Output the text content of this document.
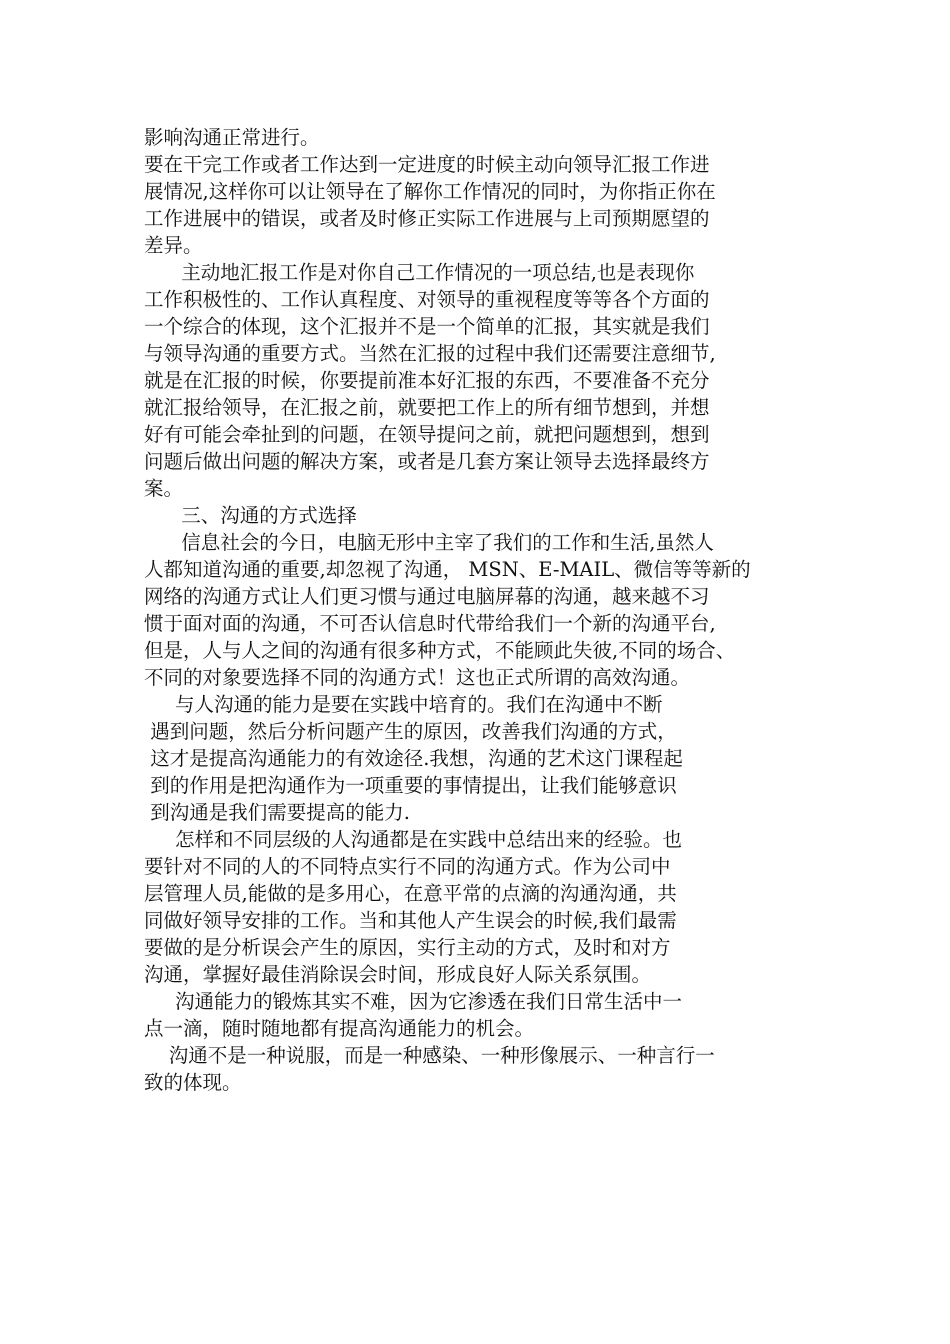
影响沟通正常进行。
要在干完工作或者工作达到一定进度的时候主动向领导汇报工作进
展情况,这样你可以让领导在了解你工作情况的同时，为你指正你在
工作进展中的错误，或者及时修正实际工作进展与上司预期愿望的
差异。
主动地汇报工作是对你自己工作情况的一项总结,也是表现你
工作积极性的、工作认真程度、对领导的重视程度等等各个方面的
一个综合的体现，这个汇报并不是一个简单的汇报，其实就是我们
与领导沟通的重要方式。当然在汇报的过程中我们还需要注意细节,
就是在汇报的时候，你要提前准本好汇报的东西，不要准备不充分
就汇报给领导，在汇报之前，就要把工作上的所有细节想到，并想
好有可能会牵扯到的问题，在领导提问之前，就把问题想到，想到
问题后做出问题的解决方案，或者是几套方案让领导去选择最终方
案。
三、沟通的方式选择
信息社会的今日，电脑无形中主宰了我们的工作和生活,虽然人
人都知道沟通的重要,却忽视了沟通， MSN、E-MAIL、微信等等新的
网络的沟通方式让人们更习惯与通过电脑屏幕的沟通，越来越不习
惯于面对面的沟通，不可否认信息时代带给我们一个新的沟通平台,
但是，人与人之间的沟通有很多种方式，不能顾此失彼,不同的场合、
不同的对象要选择不同的沟通方式！这也正式所谓的高效沟通。
与人沟通的能力是要在实践中培育的。我们在沟通中不断
遇到问题，然后分析问题产生的原因，改善我们沟通的方式，
这才是提高沟通能力的有效途径.我想，沟通的艺术这门课程起
到的作用是把沟通作为一项重要的事情提出，让我们能够意识
到沟通是我们需要提高的能力.
怎样和不同层级的人沟通都是在实践中总结出来的经验。也
要针对不同的人的不同特点实行不同的沟通方式。作为公司中
层管理人员,能做的是多用心，在意平常的点滴的沟通沟通，共
同做好领导安排的工作。当和其他人产生误会的时候,我们最需
要做的是分析误会产生的原因，实行主动的方式，及时和对方
沟通，掌握好最佳消除误会时间，形成良好人际关系氛围。
沟通能力的锻炼其实不难，因为它渗透在我们日常生活中一
点一滴，随时随地都有提高沟通能力的机会。
沟通不是一种说服，而是一种感染、一种形像展示、一种言行一
致的体现。
